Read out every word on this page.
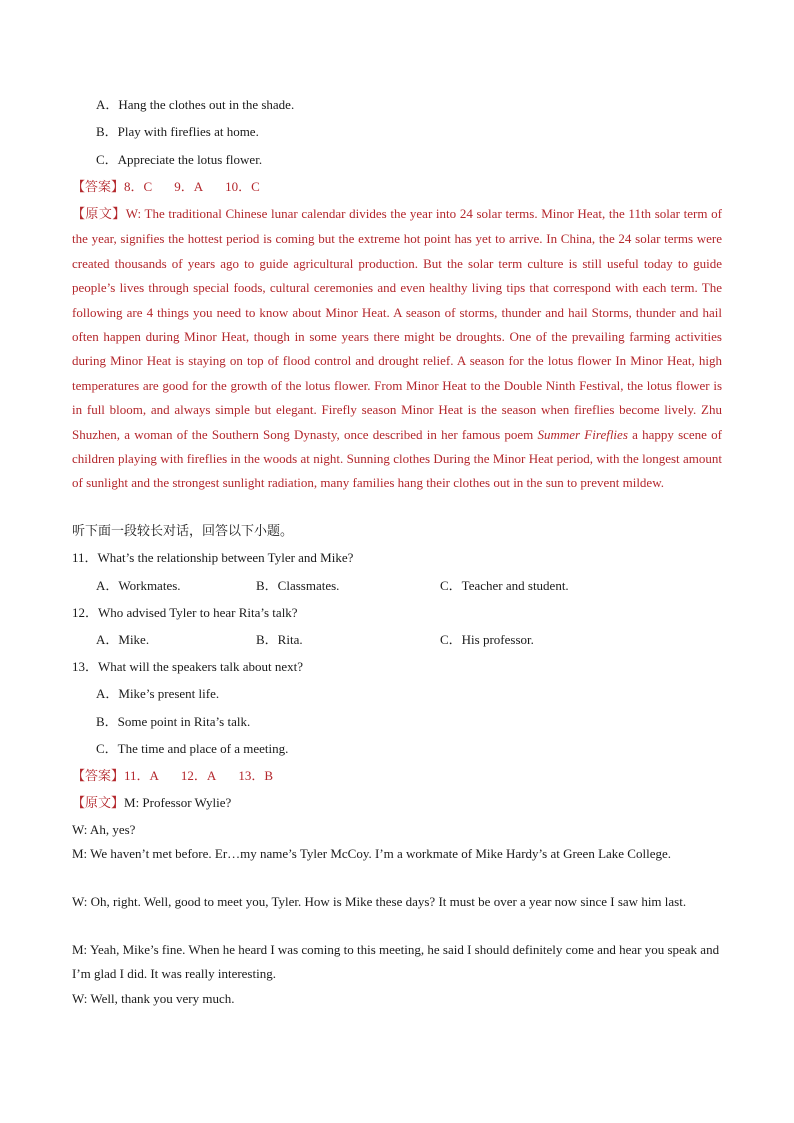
A．Hang the clothes out in the shade.
B．Play with fireflies at home.
C．Appreciate the lotus flower.
【答案】8．C 9．A 10．C
【原文】W: The traditional Chinese lunar calendar divides the year into 24 solar terms. Minor Heat, the 11th solar term of the year, signifies the hottest period is coming but the extreme hot point has yet to arrive. In China, the 24 solar terms were created thousands of years ago to guide agricultural production. But the solar term culture is still useful today to guide people’s lives through special foods, cultural ceremonies and even healthy living tips that correspond with each term. The following are 4 things you need to know about Minor Heat. A season of storms, thunder and hail Storms, thunder and hail often happen during Minor Heat, though in some years there might be droughts. One of the prevailing farming activities during Minor Heat is staying on top of flood control and drought relief. A season for the lotus flower In Minor Heat, high temperatures are good for the growth of the lotus flower. From Minor Heat to the Double Ninth Festival, the lotus flower is in full bloom, and always simple but elegant. Firefly season Minor Heat is the season when fireflies become lively. Zhu Shuzhen, a woman of the Southern Song Dynasty, once described in her famous poem Summer Fireflies a happy scene of children playing with fireflies in the woods at night. Sunning clothes During the Minor Heat period, with the longest amount of sunlight and the strongest sunlight radiation, many families hang their clothes out in the sun to prevent mildew.
听下面一段较长对话，回答以下小题。
11．What’s the relationship between Tyler and Mike?
A．Workmates.	B．Classmates.	C．Teacher and student.
12．Who advised Tyler to hear Rita’s talk?
A．Mike.	B．Rita.	C．His professor.
13．What will the speakers talk about next?
A．Mike’s present life.
B．Some point in Rita’s talk.
C．The time and place of a meeting.
【答案】11．A 12．A 13．B
【原文】M: Professor Wylie?
W: Ah, yes?
M: We haven’t met before. Er…my name’s Tyler McCoy. I’m a workmate of Mike Hardy’s at Green Lake College.
W: Oh, right. Well, good to meet you, Tyler. How is Mike these days? It must be over a year now since I saw him last.
M: Yeah, Mike’s fine. When he heard I was coming to this meeting, he said I should definitely come and hear you speak and I’m glad I did. It was really interesting.
W: Well, thank you very much.
